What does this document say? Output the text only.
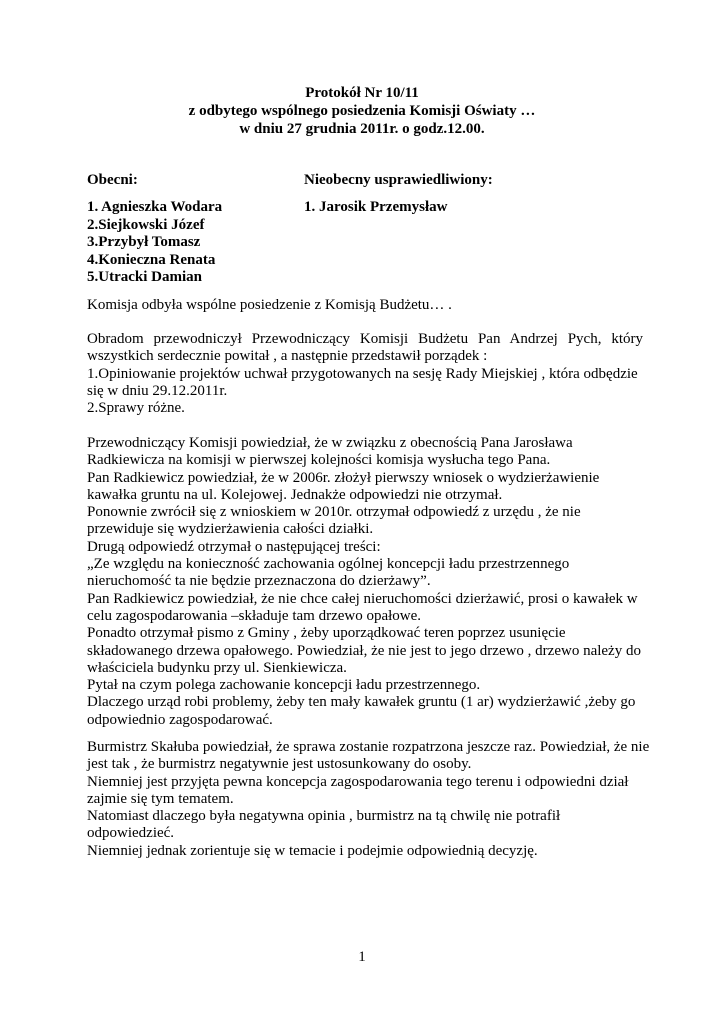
Protokół Nr 10/11
z odbytego wspólnego posiedzenia Komisji Oświaty …
w dniu 27 grudnia 2011r. o godz.12.00.
Obecni:	Nieobecny usprawiedliwiony:
1. Agnieszka Wodara
2.Siejkowski Józef
3.Przybył Tomasz
4.Konieczna Renata
5.Utracki Damian
1. Jarosik Przemysław
Komisja odbyła wspólne posiedzenie z Komisją Budżetu… .
Obradom przewodniczył Przewodniczący Komisji Budżetu Pan Andrzej Pych, który
wszystkich serdecznie powitał , a następnie przedstawił porządek :
1.Opiniowanie projektów uchwał przygotowanych na sesję Rady Miejskiej , która odbędzie
się w dniu 29.12.2011r.
2.Sprawy różne.
Przewodniczący Komisji powiedział, że w związku z obecnością Pana Jarosława
Radkiewicza na komisji w pierwszej kolejności komisja wysłucha tego Pana.
Pan Radkiewicz powiedział, że w 2006r. złożył pierwszy wniosek o wydzierżawienie
kawałka gruntu na ul. Kolejowej. Jednakże odpowiedzi nie otrzymał.
Ponownie zwrócił się z wnioskiem w 2010r. otrzymał odpowiedź z urzędu , że nie
przewiduje się wydzierżawienia całości działki.
Drugą odpowiedź otrzymał o następującej treści:
„Ze względu na konieczność zachowania ogólnej koncepcji ładu przestrzennego
nieruchomość ta nie będzie przeznaczona do dzierżawy”.
Pan Radkiewicz powiedział, że nie chce całej nieruchomości dzierżawić, prosi o kawałek w
celu zagospodarowania –składuje tam drzewo opałowe.
Ponadto otrzymał pismo z Gminy , żeby uporządkować teren poprzez usunięcie
składowanego drzewa opałowego. Powiedział, że nie jest to jego drzewo , drzewo należy do
właściciela budynku przy ul. Sienkiewicza.
Pytał na czym polega zachowanie koncepcji ładu przestrzennego.
Dlaczego urząd robi problemy, żeby ten mały kawałek gruntu (1 ar) wydzierżawić ,żeby go
odpowiednio zagospodarować.
Burmistrz Skałuba powiedział, że sprawa zostanie rozpatrzona jeszcze raz. Powiedział, że nie
jest tak , że burmistrz negatywnie jest ustosunkowany do osoby.
Niemniej jest przyjęta pewna koncepcja zagospodarowania tego terenu i odpowiedni dział
zajmie się tym tematem.
Natomiast dlaczego była negatywna opinia , burmistrz na tą chwilę nie potrafił
odpowiedzieć.
Niemniej jednak zorientuje się w temacie i podejmie odpowiednią decyzję.
1
